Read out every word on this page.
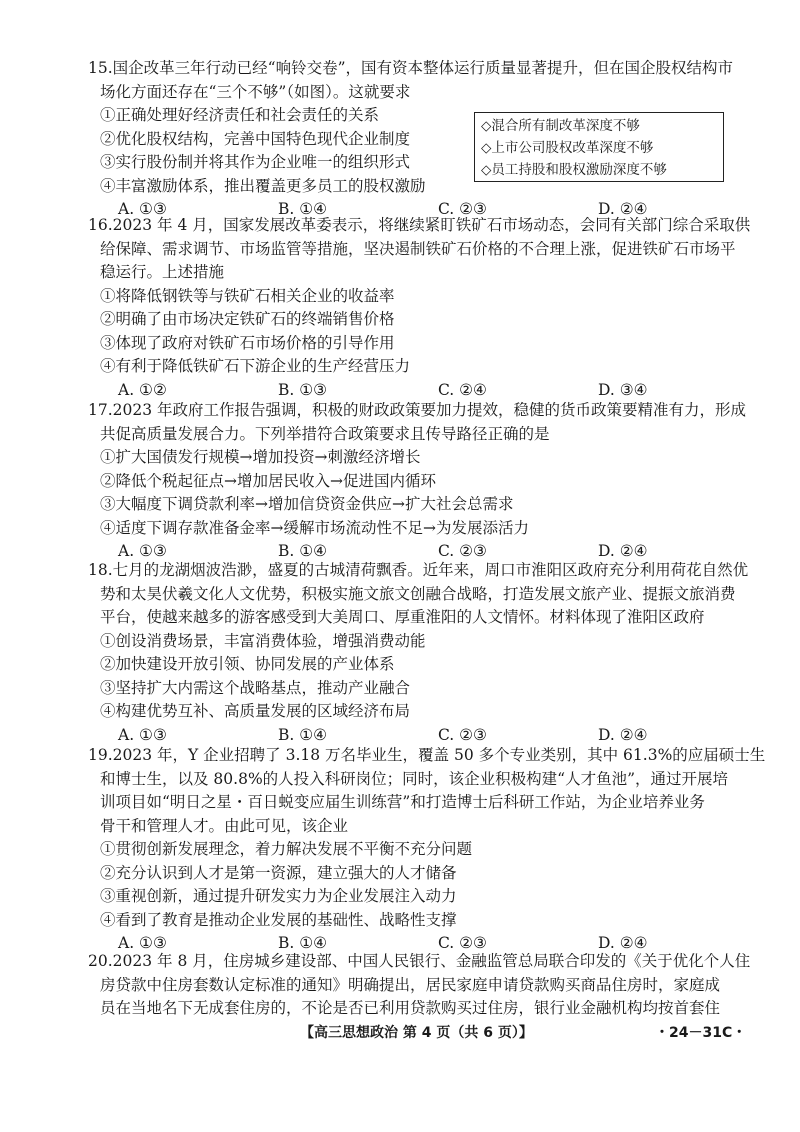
15.国企改革三年行动已经“响铃交卷”，国有资本整体运行质量显著提升，但在国企股权结构市
场化方面还存在“三个不够”（如图）。这就要求
①正确处理好经济责任和社会责任的关系
②优化股权结构，完善中国特色现代企业制度
③实行股份制并将其作为企业唯一的组织形式
④丰富激励体系，推出覆盖更多员工的股权激励
A. ①③	B. ①④	C. ②③	D. ②④
◇混合所有制改革深度不够
◇上市公司股权改革深度不够
◇员工持股和股权激励深度不够
16.2023 年 4 月，国家发展改革委表示，将继续紧盯铁矿石市场动态，会同有关部门综合采取供
给保障、需求调节、市场监管等措施，坚决遏制铁矿石价格的不合理上涨，促进铁矿石市场平
稳运行。上述措施
①将降低钢铁等与铁矿石相关企业的收益率
②明确了由市场决定铁矿石的终端销售价格
③体现了政府对铁矿石市场价格的引导作用
④有利于降低铁矿石下游企业的生产经营压力
A. ①②	B. ①③	C. ②④	D. ③④
17.2023 年政府工作报告强调，积极的财政政策要加力提效，稳健的货币政策要精准有力，形成
共促高质量发展合力。下列举措符合政策要求且传导路径正确的是
①扩大国债发行规模→增加投资→刺激经济增长
②降低个税起征点→增加居民收入→促进国内循环
③大幅度下调贷款利率→增加信贷资金供应→扩大社会总需求
④适度下调存款准备金率→缓解市场流动性不足→为发展添活力
A. ①③	B. ①④	C. ②③	D. ②④
18.七月的龙湖烟波浩渺，盛夏的古城清荷飘香。近年来，周口市淮阳区政府充分利用荷花自然优
势和太昊伏羲文化人文优势，积极实施文旅文创融合战略，打造发展文旅产业、提振文旅消费
平台，使越来越多的游客感受到大美周口、厚重淮阳的人文情怀。材料体现了淮阳区政府
①创设消费场景，丰富消费体验，增强消费动能
②加快建设开放引领、协同发展的产业体系
③坚持扩大内需这个战略基点，推动产业融合
④构建优势互补、高质量发展的区域经济布局
A. ①③	B. ①④	C. ②③	D. ②④
19.2023 年，Y 企业招聘了 3.18 万名毕业生，覆盖 50 多个专业类别，其中 61.3%的应届硕士生
和博士生，以及 80.8%的人投入科研岗位；同时，该企业积极构建“人才鱼池”，通过开展培
训项目如“明日之星・百日蜕变应届生训练营”和打造博士后科研工作站，为企业培养业务
骨干和管理人才。由此可见，该企业
①贯彻创新发展理念，着力解决发展不平衡不充分问题
②充分认识到人才是第一资源，建立强大的人才储备
③重视创新，通过提升研发实力为企业发展注入动力
④看到了教育是推动企业发展的基础性、战略性支撑
A. ①③	B. ①④	C. ②③	D. ②④
20.2023 年 8 月，住房城乡建设部、中国人民银行、金融监管总局联合印发的《关于优化个人住
房贷款中住房套数认定标准的通知》明确提出，居民家庭申请贷款购买商品住房时，家庭成
员在当地名下无成套住房的，不论是否已利用贷款购买过住房，银行业金融机构均按首套住
【高三思想政治 第 4 页（共 6 页）】	・24－31C・
